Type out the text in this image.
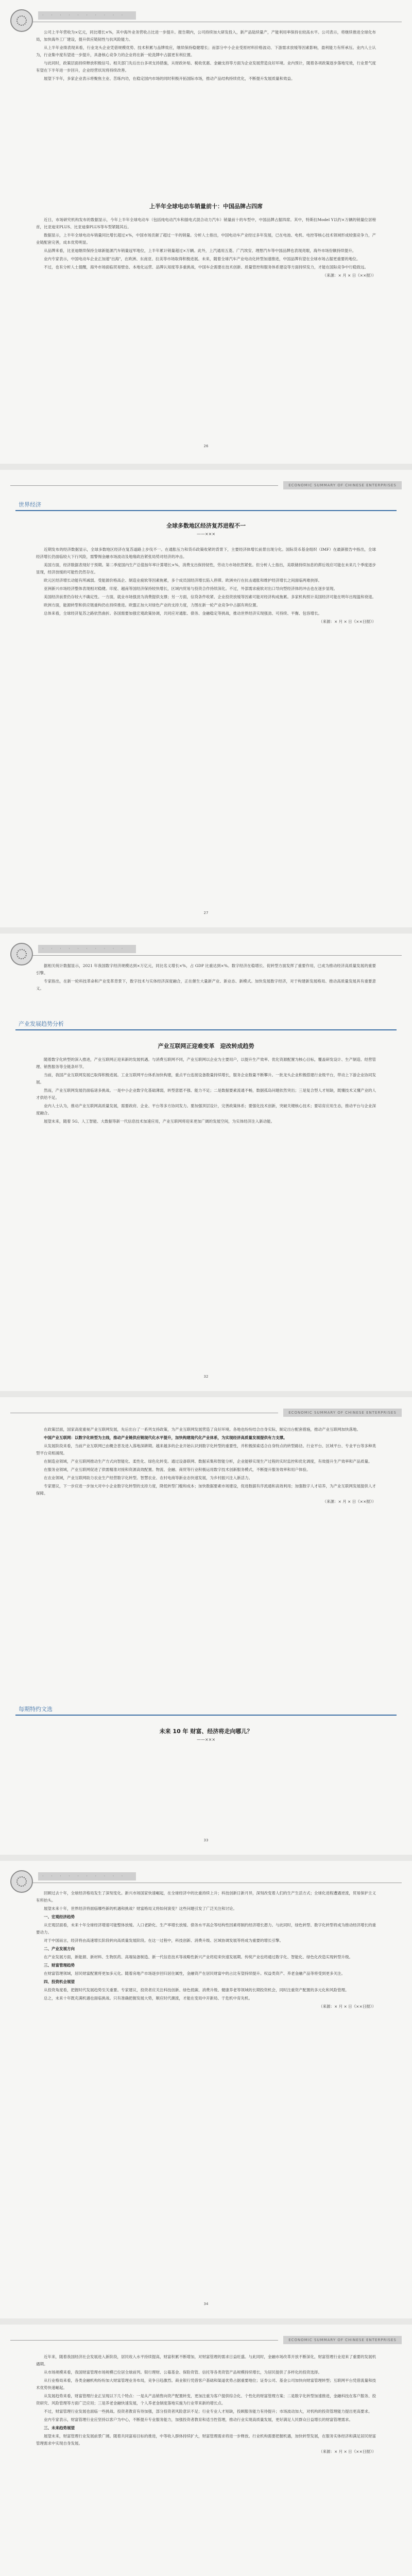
· · · · · · · · · ·

公司上半年营收为×亿元，同比增长×%，其中海外业务营收占比进一步提升。报告期内，公司持续加大研发投入，新产品陆续量产，产能利用率保持在较高水平。公司表示，将继续推进全球化布局，加快海外工厂建设，提升供应链韧性与抗风险能力。

从上半年业绩表现来看，行业龙头企业凭借规模优势、技术积累与品牌效应，继续保持稳健增长；而部分中小企业受原材料价格波动、下游需求放缓等因素影响，盈利能力有所承压。业内人士认为，行业集中度有望进一步提升，具备核心竞争力的企业将在新一轮洗牌中占据更有利位置。

与此同时，政策层面持续释放积极信号。相关部门先后出台多项支持措施，从财政补贴、税收优惠、金融支持等方面为企业发展营造良好环境。业内预计，随着各项政策逐步落地见效，行业景气度有望在下半年进一步回升，企业经营状况将持续改善。

展望下半年，多家企业表示将聚焦主业、苦练内功，在稳定国内市场的同时积极开拓国际市场，推动产品结构持续优化，不断提升发展质量和效益。

上半年全球电动车销量前十：中国品牌占四席

近日，市场研究机构发布的数据显示，今年上半年全球电动车（包括纯电动汽车和插电式混合动力汽车）销量前十的车型中，中国品牌占据四席。其中，特斯拉Model Y以约×万辆的销量位居榜首，比亚迪宋PLUS、比亚迪秦PLUS等车型紧随其后。

数据显示，上半年全球电动车销量同比增长超过×%，中国市场贡献了超过一半的销量。分析人士指出，中国电动车产业经过多年发展，已在电池、电机、电控等核心技术领域形成较强竞争力，产业链配套完善，成本优势明显。

从品牌来看，比亚迪继续保持全球新能源汽车销量冠军地位，上半年累计销量超过×万辆。此外，上汽通用五菱、广汽埃安、理想汽车等中国品牌也表现亮眼，海外市场份额持续提升。

业内专家表示，中国电动车企业正加速"出海"，在欧洲、东南亚、拉美等市场取得积极进展。未来，随着全球汽车产业电动化转型加速推进，中国品牌有望在全球市场占据更重要的地位。

不过，也有分析人士提醒，海外市场面临贸易壁垒、本地化运营、品牌认知度等多重挑战，中国车企需要在技术创新、质量管控和服务体系建设等方面持续发力，才能在国际竞争中行稳致远。

（来源：× 月 × 日《××报》）

26
ECONOMIC SUMMARY OF CHINESE ENTERPRISES
世界经济
全球多数地区经济复苏进程不一
——×××

近期发布的经济数据显示，全球多数地区经济在复苏道路上步伐不一。在通胀压力和货币政策收紧的背景下，主要经济体增长前景出现分化。国际货币基金组织（IMF）在最新报告中指出，全球经济增长仍面临较大下行风险，需警惕金融市场波动及地缘政治紧张局势对经济的冲击。

美国方面，经济数据表现好于预期。第二季度国内生产总值按年率计算增长×%，消费支出保持韧性，劳动力市场依然紧张。但分析人士指出，美联储持续加息的滞后效应可能在未来几个季度逐步显现，经济放缓的可能性仍然存在。

欧元区经济增长动能有所减弱。受能源价格高企、制造业疲软等因素拖累，多个成员国经济增长陷入停滞。欧洲央行在抗击通胀和维护经济增长之间面临两难抉择。

亚洲新兴市场经济整体表现相对稳健。印度、越南等国经济保持较快增长，区域内贸易与投资合作持续深化。不过，外部需求疲软对出口导向型经济体的冲击也在逐步显现。

美国经济前景仍存较大不确定性。一方面，就业市场强劲为消费提供支撑；另一方面，信贷条件收紧、企业投资放缓等因素可能对经济构成拖累。多家机构预计美国经济可能在明年出现温和衰退。

欧洲方面，能源转型和供应链重构仍在持续推进。欧盟正加大对绿色产业的支持力度，力图在新一轮产业竞争中占据有利位置。

总体来看，全球经济复苏之路依然曲折。各国需要加强宏观政策协调，共同应对通胀、债务、金融稳定等挑战，推动世界经济实现强劲、可持续、平衡、包容增长。

（来源：× 月 × 日《××日报》）

27
· · · · · · · · · ·

据相关统计数据显示，2021 年我国数字经济规模达到×万亿元，同比名义增长×%，占 GDP 比重达到×%。数字经济在稳增长、促转型方面发挥了重要作用，已成为推动经济高质量发展的重要引擎。

专家指出，在新一轮科技革命和产业变革背景下，数字技术与实体经济深度融合，正在催生大量新产业、新业态、新模式。加快发展数字经济，对于构建新发展格局、推动高质量发展具有重要意义。

产业发展趋势分析
产业互联网正迎难变革　迎改转成趋势

随着数字化转型的深入推进，产业互联网正迎来新的发展机遇。与消费互联网不同，产业互联网以企业为主要用户，以提升生产效率、优化资源配置为核心目标，覆盖研发设计、生产制造、经营管理、销售服务等全链条环节。

当前，我国产业互联网发展已取得积极进展。工业互联网平台体系加快构建，重点平台连接设备数量持续增长，服务企业数量不断攀升。一批龙头企业积极搭建行业级平台，带动上下游企业协同发展。

然而，产业互联网发展仍面临诸多挑战。一是中小企业数字化基础薄弱，转型意愿不强、能力不足；二是数据要素流通不畅，数据孤岛问题依然突出；三是复合型人才短缺，既懂技术又懂产业的人才供给不足。

业内人士认为，推动产业互联网高质量发展，需要政府、企业、平台等多方协同发力。要加强顶层设计，完善政策体系；要强化技术创新，突破关键核心技术；要培育应用生态，推动平台与企业深度融合。

展望未来，随着 5G、人工智能、大数据等新一代信息技术加速应用，产业互联网将迎来更加广阔的发展空间，为实体经济注入新动能。

32
ECONOMIC SUMMARY OF CHINESE ENTERPRISES

在政策层面，国家高度重视产业互联网发展，先后出台了一系列支持政策，为产业互联网发展营造了良好环境。各地也纷纷结合自身实际，制定出台配套措施，推动产业互联网加快落地。

中国产业互联网：以数字化转型为主线，推动产业链供应链现代化水平提升，加快构建现代化产业体系，为实现经济高质量发展提供有力支撑。

从发展阶段来看，当前产业互联网已由概念普及进入落地深耕期。越来越多的企业开始认识到数字化转型的重要性，并积极探索适合自身特点的转型路径。行业平台、区域平台、专业平台等多种类型平台竞相涌现。

在制造业领域，产业互联网推动生产方式向智能化、柔性化、绿色化转变。通过设备联网、数据采集和智能分析，企业能够实现生产过程的实时监控和优化调度，有效提升生产效率和产品质量。

在服务业领域，产业互联网促进了供需精准对接和资源高效配置。物流、金融、商贸等行业积极运用数字技术创新服务模式，不断提升服务效率和用户体验。

在农业领域，产业互联网助力农业生产经营数字化转型。智慧农业、农村电商等新业态快速发展，为乡村振兴注入新活力。

专家建议，下一步应进一步加大对中小企业数字化转型的支持力度，降低转型门槛和成本；加快数据要素市场建设，促进数据有序流通和高效利用；加强数字人才培养，为产业互联网发展提供人才保障。

（来源：× 月 × 日《××报》）

每期特约文选
未来 10 年 财富、经济将走向哪儿？
——×××
33
· · · · · · · · · ·

回顾过去十年，全球经济格局发生了深刻变化。新兴市场国家快速崛起，在全球经济中的比重持续上升；科技创新日新月异，深刻改变着人们的生产生活方式；全球化进程遭遇逆流，贸易保护主义有所抬头。

展望未来十年，世界经济将面临哪些新的机遇和挑战？财富格局又将如何演变？这些问题引发了广泛关注和讨论。

一、宏观经济趋势

从宏观层面看，未来十年全球经济增速可能整体放缓。人口老龄化、生产率增长放缓、债务水平高企等结构性因素将制约经济增长潜力。与此同时，绿色转型、数字化转型将成为推动经济增长的重要动力。

对于中国而言，经济将由高速增长阶段转向高质量发展阶段。在这一过程中，科技创新、消费升级、区域协调发展等将成为重要的增长引擎。

二、产业发展方向

在产业发展方面，新能源、新材料、生物医药、高端装备制造、新一代信息技术等战略性新兴产业将迎来快速发展期。传统产业也将通过数字化、智能化、绿色化改造实现转型升级。

三、财富管理趋势

在财富管理领域，居民财富配置将更加多元化。随着房地产市场逐步回归居住属性，金融资产在居民财富中的占比有望持续提升。权益类资产、养老金融产品等将受到更多关注。

四、投资机会展望

从投资角度看，把握时代发展趋势至关重要。专家建议，投资者应关注科技创新、绿色低碳、消费升级、健康养老等领域的长期投资机会，同时注重资产配置的多元化和风险管理。

总之，未来十年既充满机遇也面临挑战。只有准确把握发展大势，顺应时代潮流，才能在变局中开新局、于危机中育先机。

（来源：× 月 × 日《××日报》）

34
ECONOMIC SUMMARY OF CHINESE ENTERPRISES

近年来，随着我国经济社会发展进入新阶段，居民收入水平持续提高，财富积累不断增加，对财富管理的需求日益旺盛。与此同时，金融市场改革开放不断深化，财富管理行业迎来了重要的发展机遇期。

从市场规模来看，我国财富管理市场规模已位居全球前列。银行理财、公募基金、保险资管、信托等各类资管产品规模持续增长，为居民提供了多样化的投资选择。

从行业格局来看，各类金融机构纷纷加大财富管理业务布局，竞争日趋激烈。商业银行凭借客户基础和渠道优势占据重要地位；证券公司、基金公司加快向财富管理转型；互联网平台凭借流量和技术优势快速崛起。

从发展趋势来看，财富管理行业正呈现以下几个特点：一是从产品销售向资产配置转变，更加注重为客户提供综合化、个性化的财富管理方案；二是数字化转型加速推进，金融科技在客户服务、投资研究、风险管理等方面广泛应用；三是养老金融快速发展，个人养老金制度落地实施为行业带来新的增长点。

不过，财富管理行业发展也面临一些挑战。投资者教育有待加强，部分投资者风险意识不足；行业专业人才短缺，投顾服务能力有待提升；市场波动加大，对机构的投资管理能力提出更高要求。

业内专家表示，财富管理行业应坚持以客户为中心，不断提升专业服务能力，加强投资者教育和适当性管理，推动行业实现高质量发展，更好满足人民群众日益增长的财富管理需求。

三、未来趋势展望

展望未来，财富管理行业发展前景广阔。随着共同富裕目标的推进，中等收入群体持续扩大，财富管理需求将进一步释放。行业机构需要把握机遇，加快转型发展，在服务实体经济和满足居民财富管理需求中实现自身发展。

（来源：× 月 × 日《××日报》）
